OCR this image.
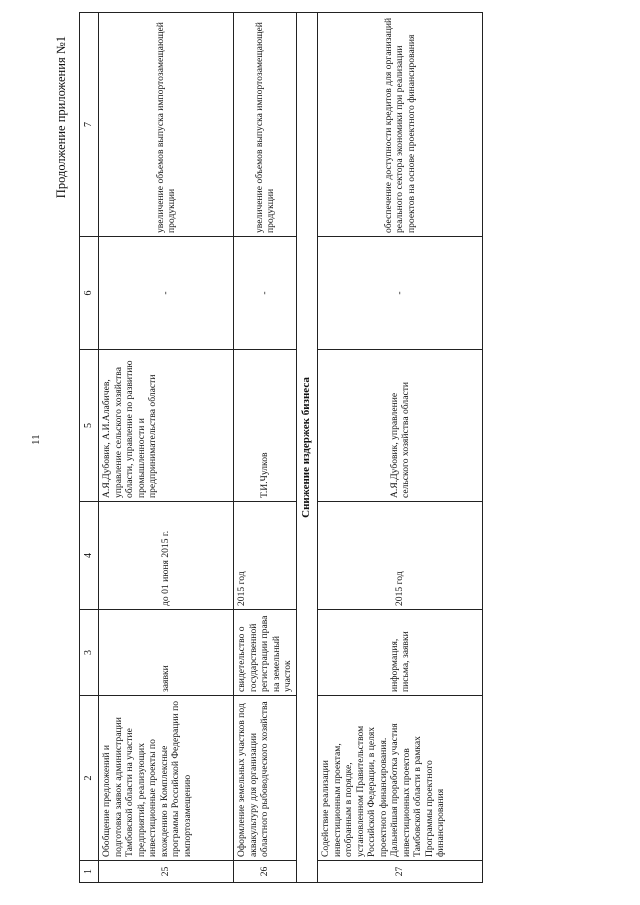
11
Продолжение приложения №1
1	2	3	4	5	6	7
25	Обобщение предложений и подготовка заявок администрации Тамбовской области на участие предприятий, реализующих инвестиционные проекты по вхождению в Комплексные программы Российской Федерации по импортозамещению	заявки	до 01 июня 2015 г.	А.Я.Дубовик, А.И.Алабичев, управление сельского хозяйства области, управление по развитию промышленности и предпринимательства области	-	увеличение объемов выпуска импортозамещающей продукции
26	Оформление земельных участков под аквакультуру для организации областного рыбоводческого хозяйства	свидетельство о государственной регистрации права на земельный участок	2015 год	Т.И.Чулков	-	увеличение объемов выпуска импортозамещающей продукции
Снижение издержек бизнеса						
27	Содействие реализации инвестиционным проектам, отобранным в порядке, установленном Правительством Российской Федерации, в целях проектного финансирования. Дальнейшая проработка участия инвестиционных проектов Тамбовской области в рамках Программы проектного финансирования	информация, письма, заявки	2015 год	А.Я.Дубовик, управление сельского хозяйства области	-	обеспечение доступности кредитов для организаций реального сектора экономики при реализации проектов на основе проектного финансирования
